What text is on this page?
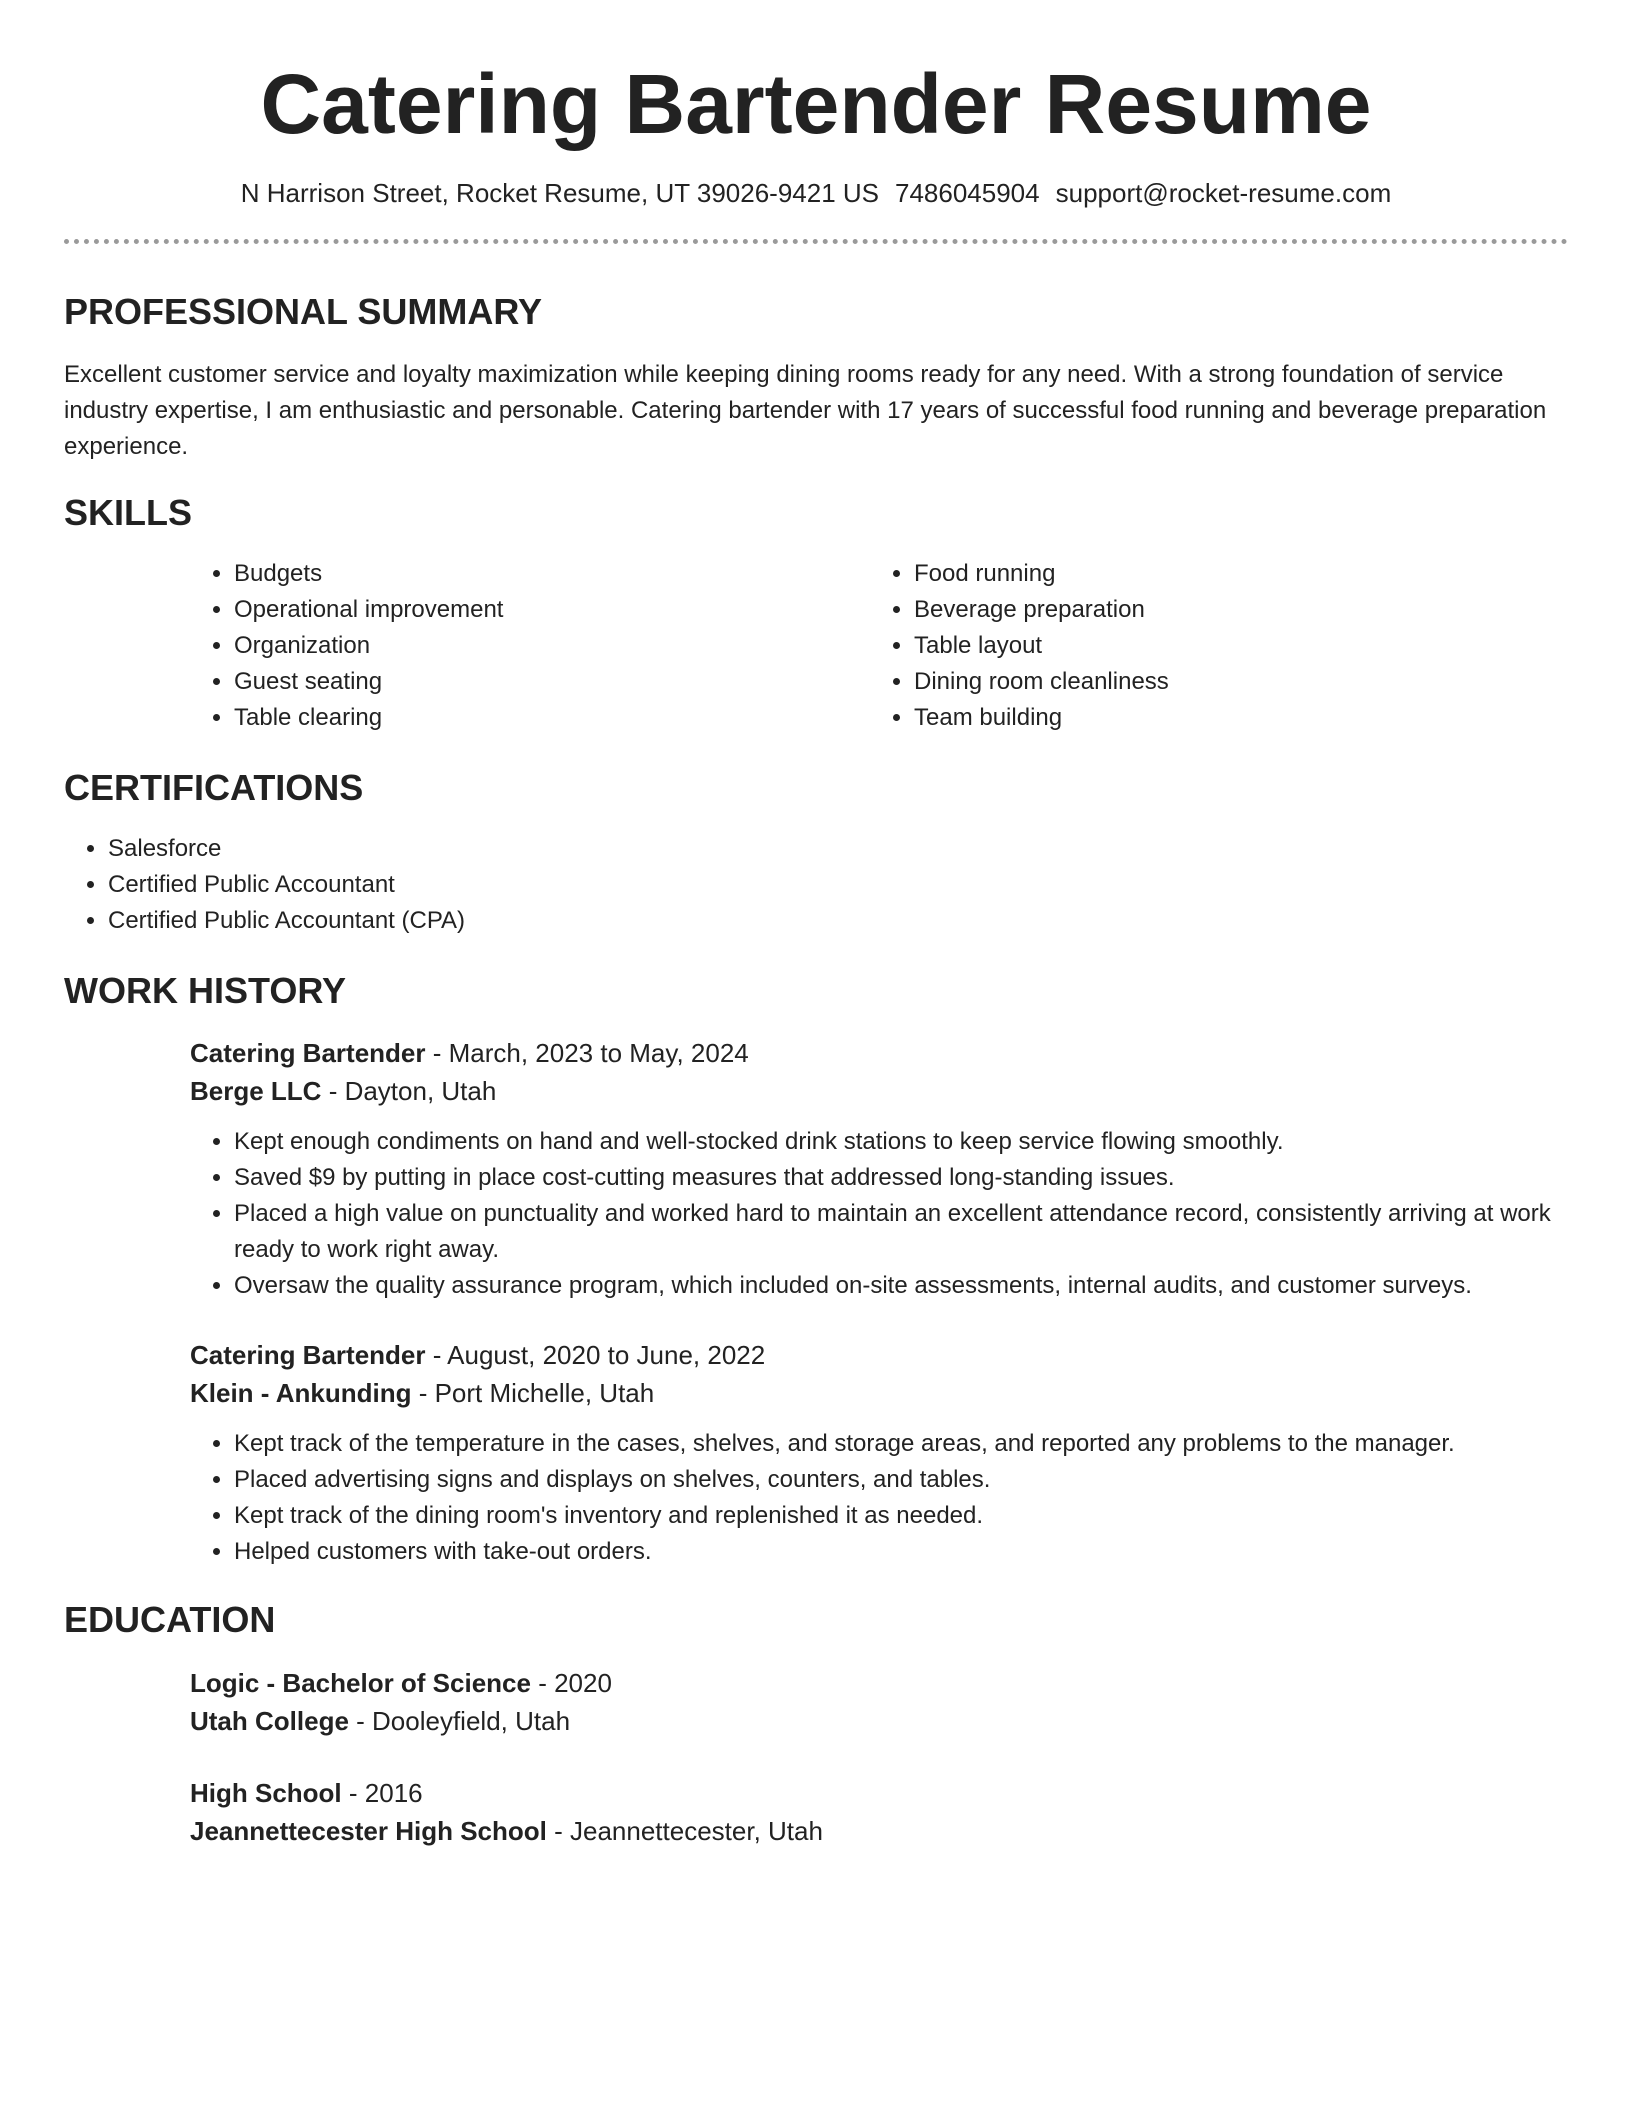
Catering Bartender Resume
N Harrison Street, Rocket Resume, UT 39026-9421 US 7486045904 support@rocket-resume.com
PROFESSIONAL SUMMARY

Excellent customer service and loyalty maximization while keeping dining rooms ready for any need. With a strong foundation of service industry expertise, I am enthusiastic and personable. Catering bartender with 17 years of successful food running and beverage preparation experience.

SKILLS
• Budgets
• Operational improvement
• Organization
• Guest seating
• Table clearing
• Food running
• Beverage preparation
• Table layout
• Dining room cleanliness
• Team building
CERTIFICATIONS
• Salesforce
• Certified Public Accountant
• Certified Public Accountant (CPA)
WORK HISTORY
Catering Bartender - March, 2023 to May, 2024
Berge LLC - Dayton, Utah
• Kept enough condiments on hand and well-stocked drink stations to keep service flowing smoothly.
• Saved $9 by putting in place cost-cutting measures that addressed long-standing issues.
• Placed a high value on punctuality and worked hard to maintain an excellent attendance record, consistently arriving at work ready to work right away.
• Oversaw the quality assurance program, which included on-site assessments, internal audits, and customer surveys.
Catering Bartender - August, 2020 to June, 2022
Klein - Ankunding - Port Michelle, Utah
• Kept track of the temperature in the cases, shelves, and storage areas, and reported any problems to the manager.
• Placed advertising signs and displays on shelves, counters, and tables.
• Kept track of the dining room's inventory and replenished it as needed.
• Helped customers with take-out orders.
EDUCATION
Logic - Bachelor of Science - 2020
Utah College - Dooleyfield, Utah
High School - 2016
Jeannettecester High School - Jeannettecester, Utah
